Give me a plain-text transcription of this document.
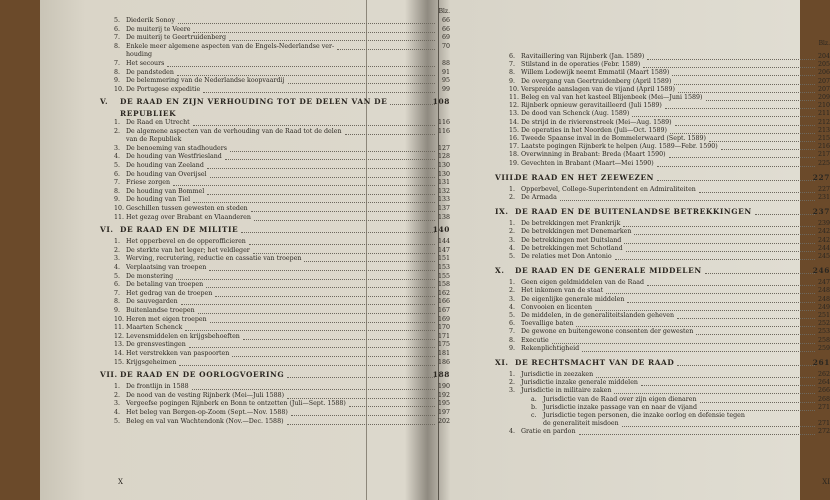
Blz.
5. Diederik Sonoy	66
6. De muiterij te Veere	66
7. De muiterij te Geertruidenberg	69
8. Enkele meer algemene aspecten van de Engels-Nederlandse ver-	70
houding
7. Het secours	88
8. De pandsteden	91
9. De belemmering van de Nederlandse koopvaardij	95
10. De Portugese expeditie	99
V. DE RAAD EN ZIJN VERHOUDING TOT DE DELEN VAN DE	108
REPUBLIEK
1. De Raad en Utrecht	116
2. De algemene aspecten van de verhouding van de Raad tot de delen	116
van de Republiek
3. De benoeming van stadhouders	127
4. De houding van Westfriesland	128
5. De houding van Zeeland	130
6. De houding van Overijsel	130
7. Friese zorgen	131
8. De houding van Bommel	132
9. De houding van Tiel	133
10. Geschillen tussen gewesten en steden	137
11. Het gezag over Brabant en Vlaanderen	138
VI. DE RAAD EN DE MILITIE	140
1. Het opperbevel en de opperofficieren	144
2. De sterkte van het leger; het veldleger	147
3. Werving, recrutering, reductie en cassatie van troepen	151
4. Verplaatsing van troepen	153
5. De monstering	155
6. De betaling van troepen	158
7. Het gedrag van de troepen	162
8. De sauvegarden	166
9. Buitenlandse troepen	167
10. Heren met eigen troepen	169
11. Maarten Schenck	170
12. Levensmiddelen en krijgsbehoeften	171
13. De grensvestingen	175
14. Het verstrekken van paspoorten	181
15. Krijgsgeheimen	186
VII. DE RAAD EN DE OORLOGVOERING	188
1. De frontlijn in 1588	190
2. De nood van de vesting Rijnberk (Mei—Juli 1588)	192
3. Vergeefse pogingen Rijnberk en Bonn te ontzetten (Juli—Sept. 1588)	195
4. Het beleg van Bergen-op-Zoom (Sept.—Nov. 1588)	197
5. Beleg en val van Wachtendonk (Nov.—Dec. 1588)	202
X
Blz.
6. Ravitaillering van Rijnberk (Jan. 1589)	204
7. Stilstand in de operaties (Febr. 1589)	205
8. Willem Lodewijk neemt Emmatil (Maart 1589)	206
9. De overgang van Geertruidenberg (April 1589)	207
10. Verspreide aanslagen van de vijand (April 1589)	207
11. Beleg en val van het kasteel Blijenbeek (Mei—Juni 1589)	209
12. Rijnberk opnieuw geravitailleerd (Juli 1589)	210
13. De dood van Schenck (Aug. 1589)	211
14. De strijd in de rivierenstreek (Mei—Aug. 1589)	212
15. De operaties in het Noorden (Juli—Oct. 1589)	213
16. Tweede Spaanse inval in de Bommelerwaard (Sept. 1589)	215
17. Laatste pogingen Rijnberk te helpen (Aug. 1589—Febr. 1590)	216
18. Overwinning in Brabant: Breda (Maart 1590)	217
19. Gevechten in Brabant (Maart—Mei 1590)	225
VIII.
DE RAAD EN HET ZEEWEZEN	227
1. Opperbevel, College-Superintendent en Admiraliteiten	227
2. De Armada	231
IX. DE RAAD EN DE BUITENLANDSE BETREKKINGEN	237
1. De betrekkingen met Frankrijk	239
2. De betrekkingen met Denemarken	242
3. De betrekkingen met Duitsland	242
4. De betrekkingen met Schotland	244
5. De relaties met Don Antonio	245
X. DE RAAD EN DE GENERALE MIDDELEN	246
1. Geen eigen geldmiddelen van de Raad	247
2. Het inkomen van de staat	248
3. De eigenlijke generale middelen	248
4. Convooien en licenten	249
5. De middelen, in de generaliteitslanden geheven	251
6. Toevallige baten	252
7. De gewone en buitengewone consenten der gewesten	253
8. Executie	258
9. Rekenplichtigheid	259
XI. DE RECHTSMACHT VAN DE RAAD	261
1. Jurisdictie in zeezaken	262
2. Jurisdictie inzake generale middelen	264
3. Jurisdictie in militaire zaken	266
a. Jurisdictie van de Raad over zijn eigen dienaren	268
b. Jurisdictie inzake passage van en naar de vijand	271
c. Jurisdictie tegen personen, die inzake oorlog en defensie tegen
de generaliteit misdoen	271
4. Gratie en pardon	272
XI
